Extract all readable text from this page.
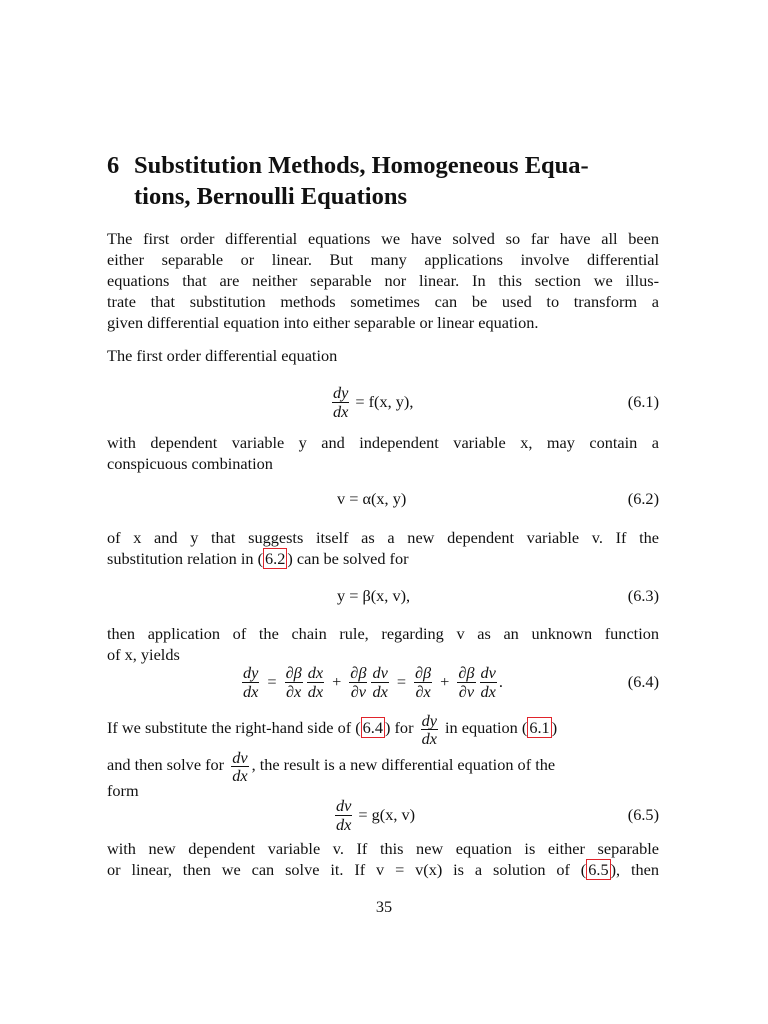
6 Substitution Methods, Homogeneous Equa-
tions, Bernoulli Equations
The first order differential equations we have solved so far have all been
either separable or linear. But many applications involve differential
equations that are neither separable nor linear. In this section we illus-
trate that substitution methods sometimes can be used to transform a
given differential equation into either separable or linear equation.
The first order differential equation
$\frac{dy}{dx} = f(x$, y),	(6.1)
with dependent variable y and independent variable x, may contain a
conspicuous combination
v = α(x, y)	(6.2)
of x and y that suggests itself as a new dependent variable v. If the
substitution relation in ( 6.2 ) can be solved for
y = β(x, v),	(6.3)
then application of the chain rule, regarding v as an unknown function
of x, yields
$\frac{dy}{dx} = \frac{\partial\beta}{\partial x} \frac{dx}{dx} + \frac{\partial\beta}{\partial v} \frac{dv}{dx} = \frac{\partial\beta}{\partial x} + \frac{\partial\beta}{\partial v} \frac{dv}{dx}$ .	(6.4)
If we substitute the right-hand side of ( 6.4 ) for $\frac{dy}{dx}$ in equation ( 6.1 )
and then solve for $\frac{dv}{dx}$ , the result is a new differential equation of the
form
$\frac{dv}{dx} = g(x$, v)	(6.5)
with new dependent variable v. If this new equation is either separable
or linear, then we can solve it. If v = v(x) is a solution of ( 6.5 ), then
35
